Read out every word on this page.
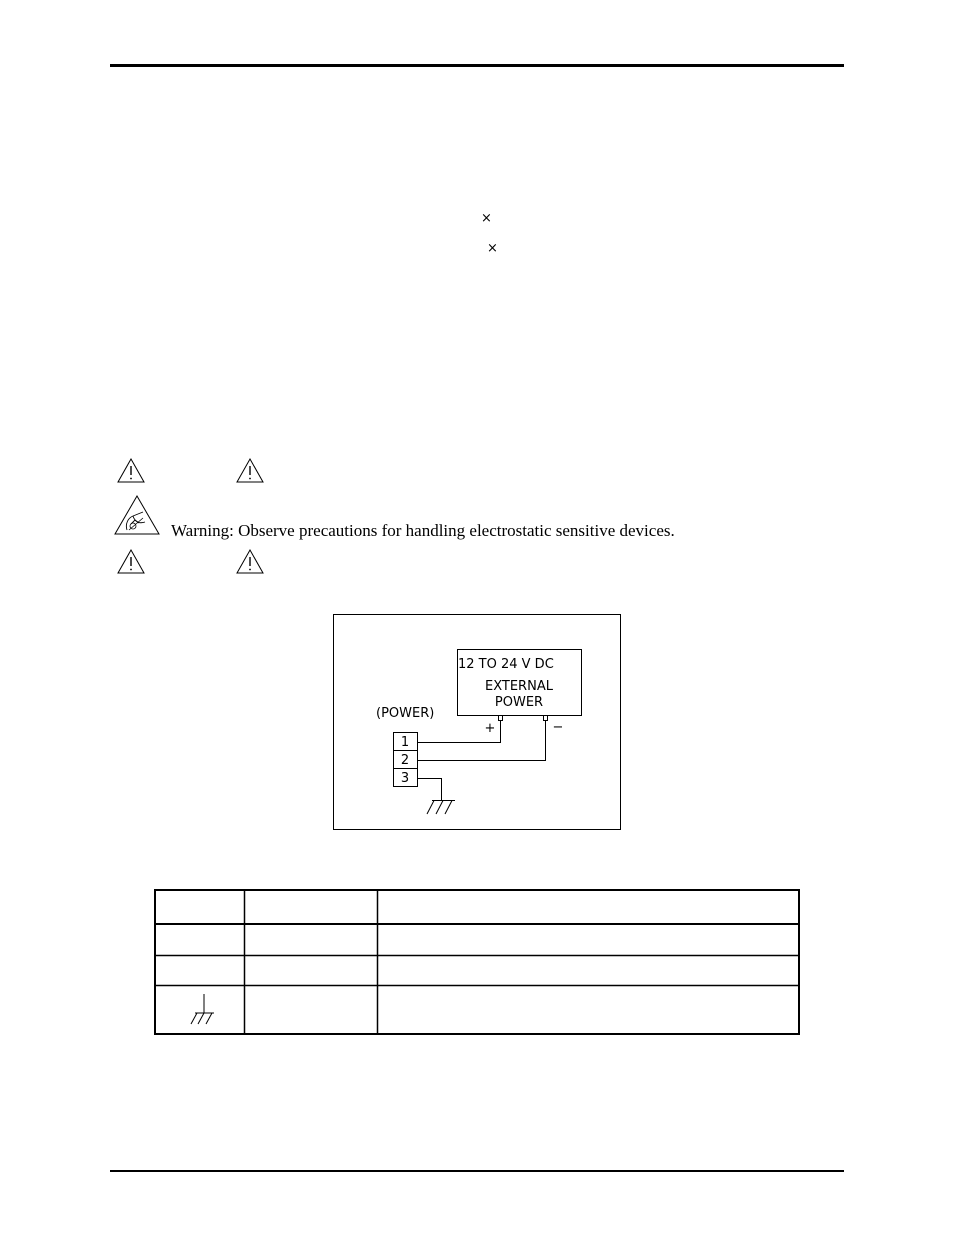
×
×
Warning: Observe precautions for handling electrostatic sensitive devices.
12 TO 24 V DC
EXTERNAL
POWER
+	−
(POWER)
1
2
3
